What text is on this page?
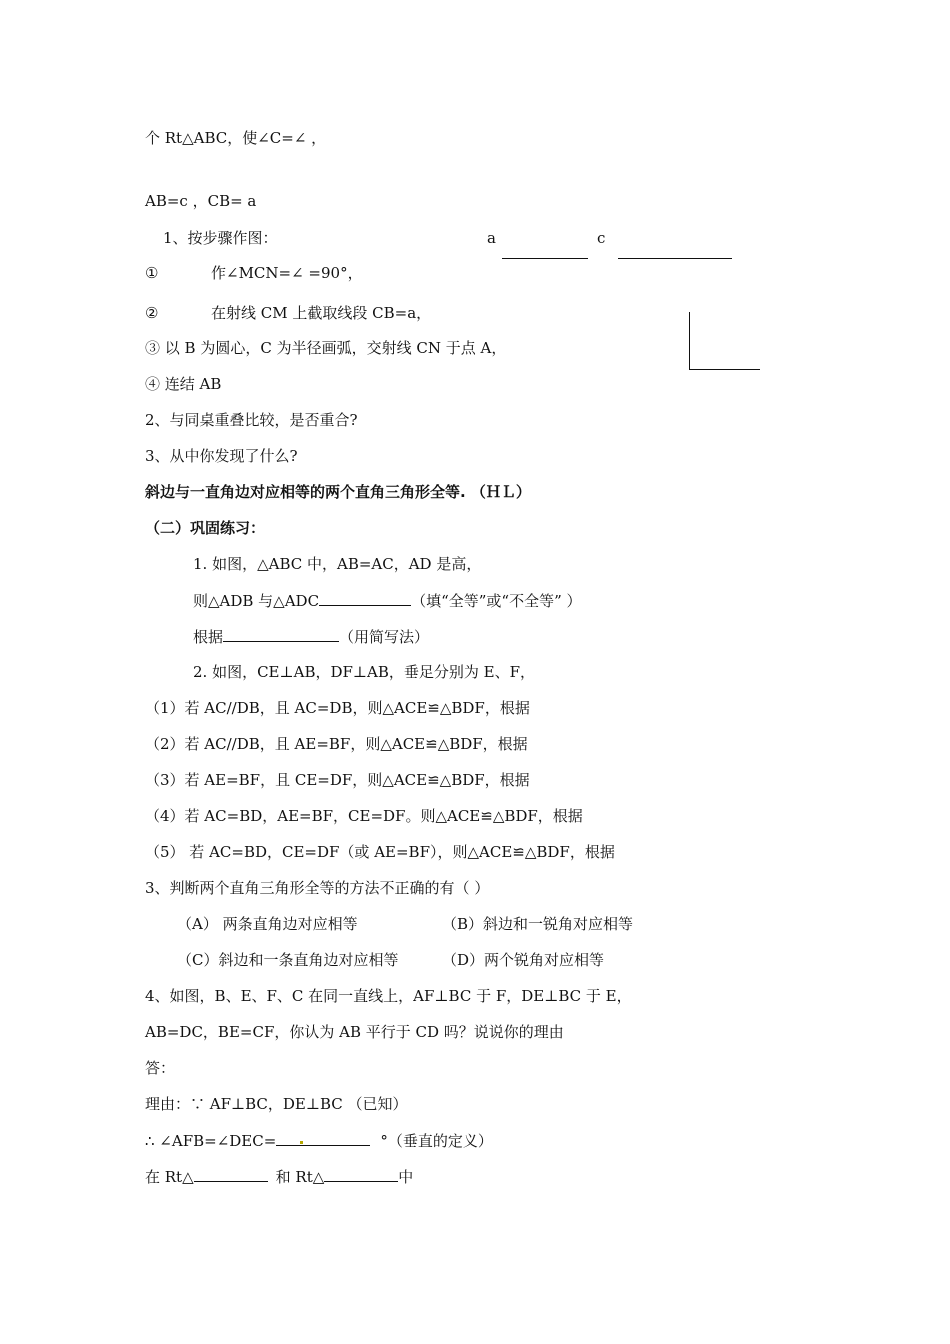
个 Rt△ABC，使∠C=∠ ，
AB=c ，CB= a
1、按步骤作图：	a	c
①	作∠MCN=∠ =90°，
②	在射线 CM 上截取线段 CB=a，
③ 以 B 为圆心，C 为半径画弧，交射线 CN 于点 A，
④ 连结 AB
2、与同桌重叠比较，是否重合?
3、从中你发现了什么?
斜边与一直角边对应相等的两个直角三角形全等. （ＨＬ）
（二）巩固练习：
1. 如图，△ABC 中，AB=AC，AD 是高，
则△ADB 与△ADC	（填“全等”或“不全等” ）
根据	（用简写法）
2. 如图，CE⊥AB，DF⊥AB，垂足分别为 E、F，
（1）若 AC//DB，且 AC=DB，则△ACE≌△BDF，根据
（2）若 AC//DB，且 AE=BF，则△ACE≌△BDF，根据
（3）若 AE=BF，且 CE=DF，则△ACE≌△BDF，根据
（4）若 AC=BD，AE=BF，CE=DF。则△ACE≌△BDF，根据
（5） 若 AC=BD，CE=DF（或 AE=BF），则△ACE≌△BDF，根据
3、判断两个直角三角形全等的方法不正确的有（ ）
（A） 两条直角边对应相等	（B）斜边和一锐角对应相等
（C）斜边和一条直角边对应相等	（D）两个锐角对应相等
4、如图，B、E、F、C 在同一直线上，AF⊥BC 于 F，DE⊥BC 于 E，
AB=DC，BE=CF，你认为 AB 平行于 CD 吗？说说你的理由
答：
理由：∵ AF⊥BC，DE⊥BC （已知）
∴ ∠AFB=∠DEC=	°（垂直的定义）
在 Rt△	和 Rt△	中
